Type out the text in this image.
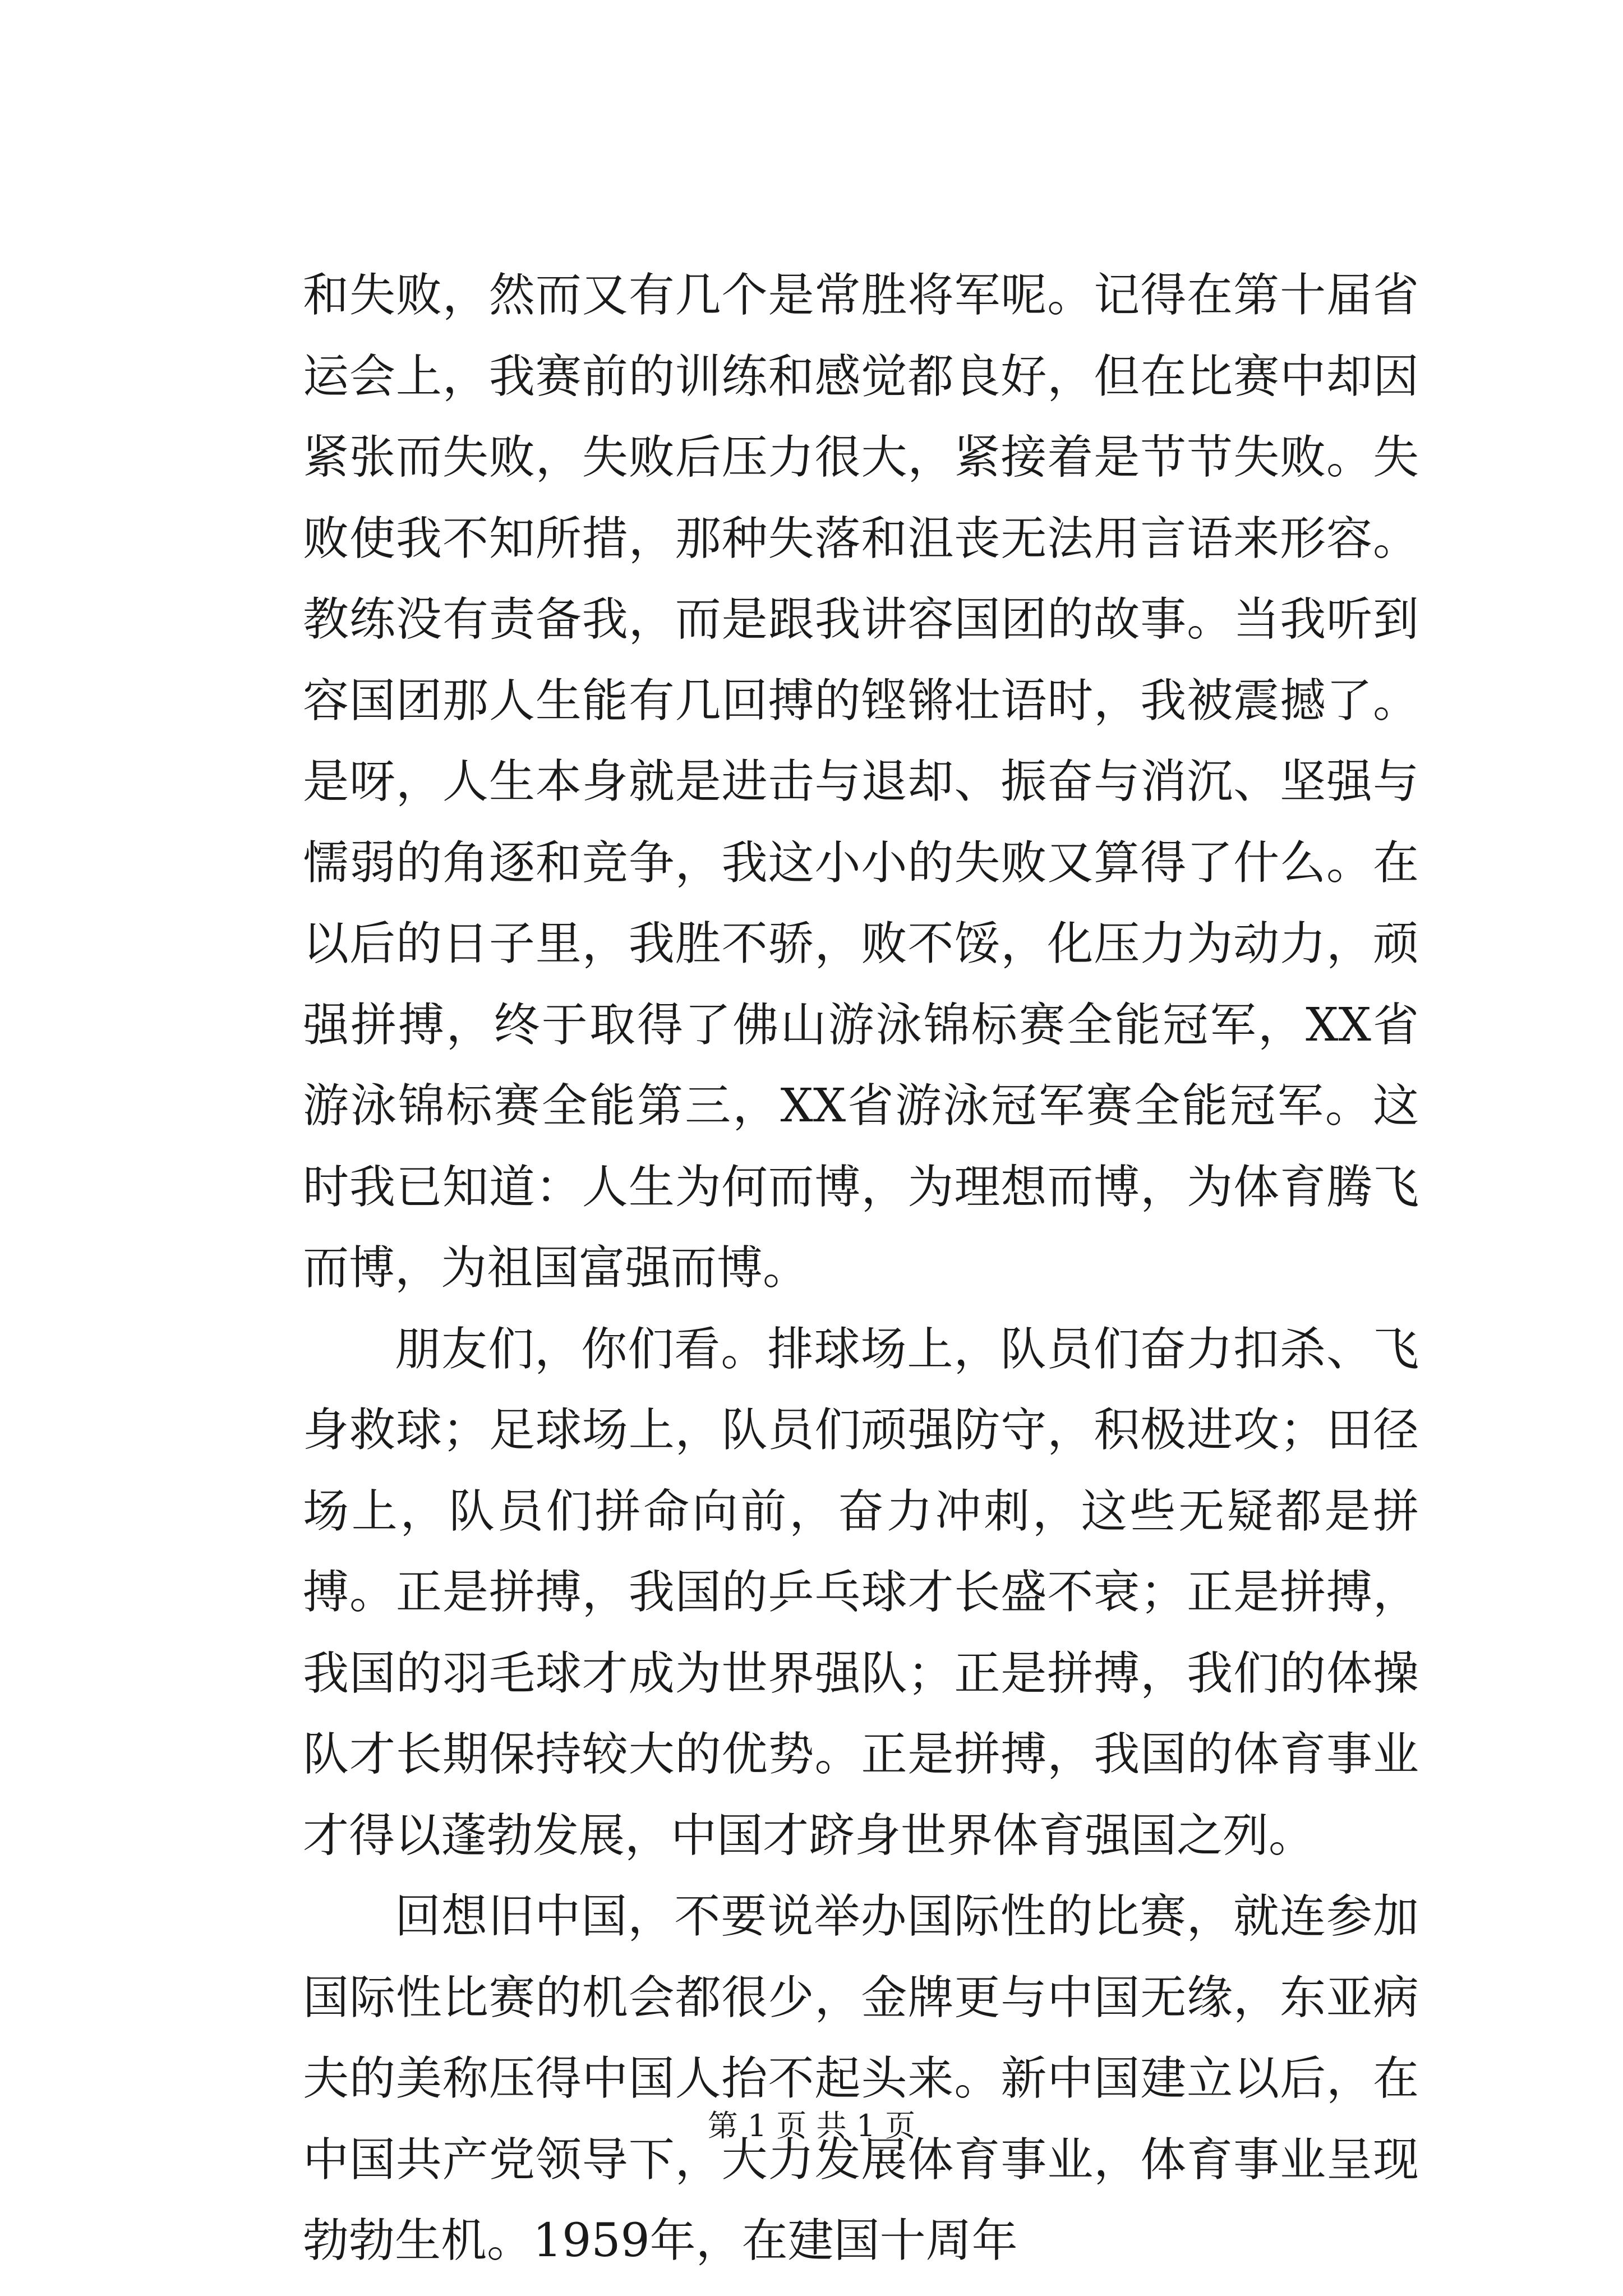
和失败，然而又有几个是常胜将军呢。记得在第十届省运会上，我赛前的训练和感觉都良好，但在比赛中却因紧张而失败，失败后压力很大，紧接着是节节失败。失败使我不知所措，那种失落和沮丧无法用言语来形容。教练没有责备我，而是跟我讲容国团的故事。当我听到容国团那人生能有几回搏的铿锵壮语时，我被震撼了。是呀，人生本身就是进击与退却、振奋与消沉、坚强与懦弱的角逐和竞争，我这小小的失败又算得了什么。在以后的日子里，我胜不骄，败不馁，化压力为动力，顽强拼搏，终于取得了佛山游泳锦标赛全能冠军，XX省游泳锦标赛全能第三，XX省游泳冠军赛全能冠军。这时我已知道：人生为何而博，为理想而博，为体育腾飞而博，为祖国富强而博。

朋友们，你们看。排球场上，队员们奋力扣杀、飞身救球；足球场上，队员们顽强防守，积极进攻；田径场上，队员们拼命向前，奋力冲刺，这些无疑都是拼搏。正是拼搏，我国的乒乓球才长盛不衰；正是拼搏，我国的羽毛球才成为世界强队；正是拼搏，我们的体操队才长期保持较大的优势。正是拼搏，我国的体育事业才得以蓬勃发展，中国才跻身世界体育强国之列。

回想旧中国，不要说举办国际性的比赛，就连参加国际性比赛的机会都很少，金牌更与中国无缘，东亚病夫的美称压得中国人抬不起头来。新中国建立以后，在中国共产党领导下，大力发展体育事业，体育事业呈现勃勃生机。1959年，在建国十周年

第 1 页 共 1 页
